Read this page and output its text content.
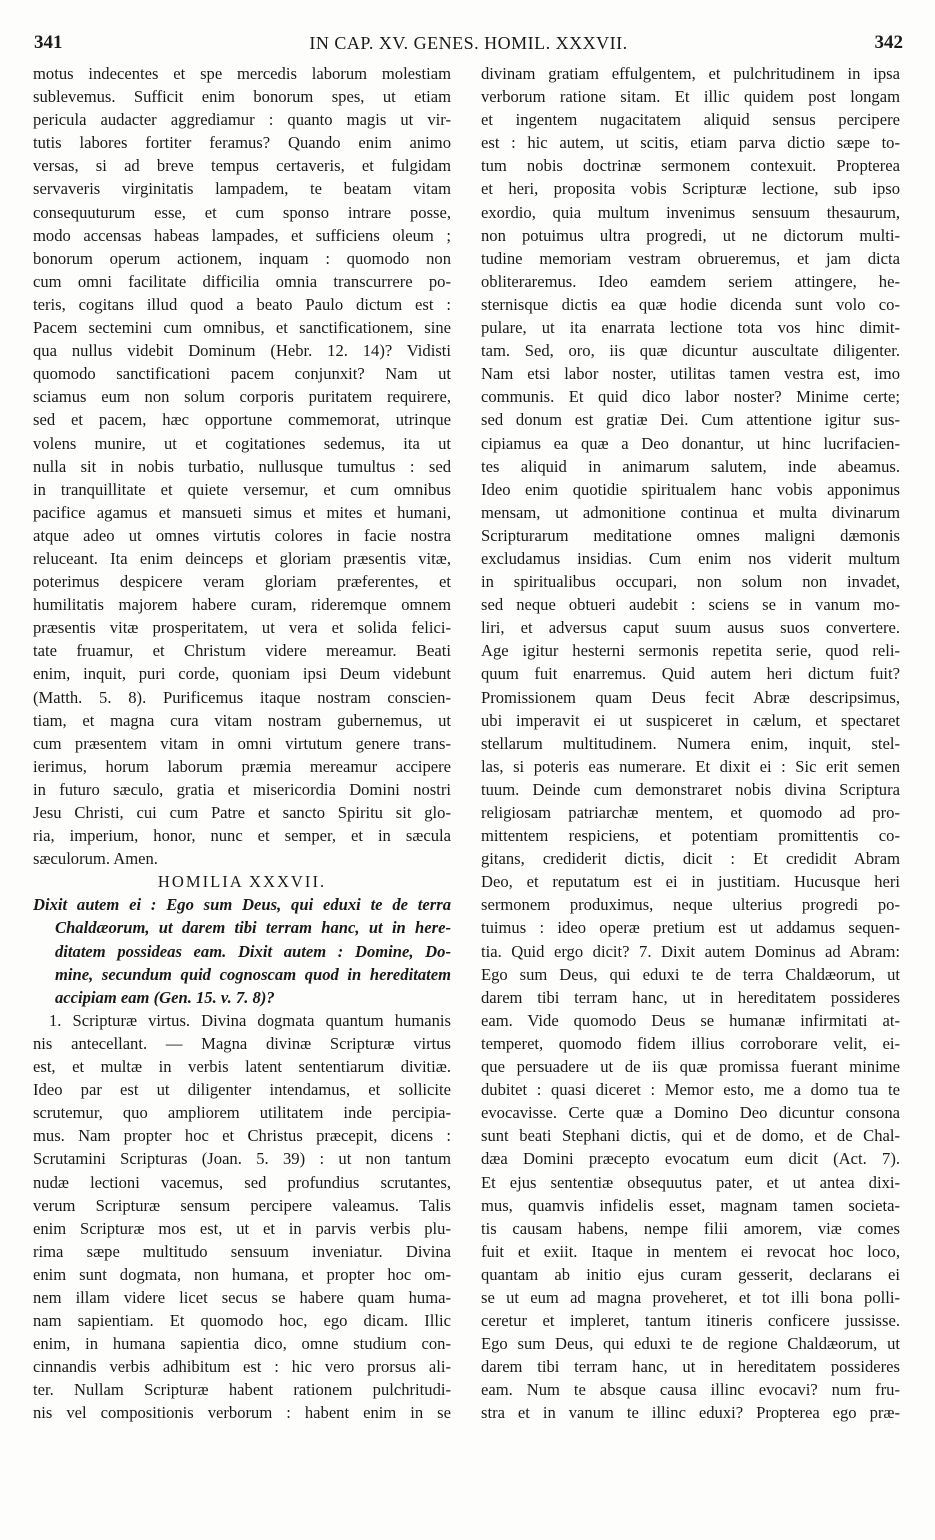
341	IN CAP. XV. GENES. HOMIL. XXXVII.	342
motus indecentes et spe mercedis laborum molestiam
sublevemus. Sufficit enim bonorum spes, ut etiam
pericula audacter aggrediamur : quanto magis ut vir-
tutis labores fortiter feramus? Quando enim animo
versas, si ad breve tempus certaveris, et fulgidam
servaveris virginitatis lampadem, te beatam vitam
consequuturum esse, et cum sponso intrare posse,
modo accensas habeas lampades, et sufficiens oleum ;
bonorum operum actionem, inquam : quomodo non
cum omni facilitate difficilia omnia transcurrere po-
teris, cogitans illud quod a beato Paulo dictum est :
Pacem sectemini cum omnibus, et sanctificationem, sine
qua nullus videbit Dominum (Hebr. 12. 14)? Vidisti
quomodo sanctificationi pacem conjunxit? Nam ut
sciamus eum non solum corporis puritatem requirere,
sed et pacem, hæc opportune commemorat, utrinque
volens munire, ut et cogitationes sedemus, ita ut
nulla sit in nobis turbatio, nullusque tumultus : sed
in tranquillitate et quiete versemur, et cum omnibus
pacifice agamus et mansueti simus et mites et humani,
atque adeo ut omnes virtutis colores in facie nostra
reluceant. Ita enim deinceps et gloriam præsentis vitæ,
poterimus despicere veram gloriam præferentes, et
humilitatis majorem habere curam, rideremque omnem
præsentis vitæ prosperitatem, ut vera et solida felici-
tate fruamur, et Christum videre mereamur. Beati
enim, inquit, puri corde, quoniam ipsi Deum videbunt
(Matth. 5. 8). Purificemus itaque nostram conscien-
tiam, et magna cura vitam nostram gubernemus, ut
cum præsentem vitam in omni virtutum genere trans-
ierimus, horum laborum præmia mereamur accipere
in futuro sæculo, gratia et misericordia Domini nostri
Jesu Christi, cui cum Patre et sancto Spiritu sit glo-
ria, imperium, honor, nunc et semper, et in sæcula
sæculorum. Amen.
HOMILIA XXXVII.
Dixit autem ei : Ego sum Deus, qui eduxi te de terra
Chaldæorum, ut darem tibi terram hanc, ut in here-
ditatem possideas eam. Dixit autem : Domine, Do-
mine, secundum quid cognoscam quod in hereditatem
accipiam eam (Gen. 15. v. 7. 8)?
1. Scripturæ virtus. Divina dogmata quantum humanis
nis antecellant. — Magna divinæ Scripturæ virtus
est, et multæ in verbis latent sententiarum divitiæ.
Ideo par est ut diligenter intendamus, et sollicite
scrutemur, quo ampliorem utilitatem inde percipia-
mus. Nam propter hoc et Christus præcepit, dicens :
Scrutamini Scripturas (Joan. 5. 39) : ut non tantum
nudæ lectioni vacemus, sed profundius scrutantes,
verum Scripturæ sensum percipere valeamus. Talis
enim Scripturæ mos est, ut et in parvis verbis plu-
rima sæpe multitudo sensuum inveniatur. Divina
enim sunt dogmata, non humana, et propter hoc om-
nem illam videre licet secus se habere quam huma-
nam sapientiam. Et quomodo hoc, ego dicam. Illic
enim, in humana sapientia dico, omne studium con-
cinnandis verbis adhibitum est : hic vero prorsus ali-
ter. Nullam Scripturæ habent rationem pulchritudi-
nis vel compositionis verborum : habent enim in se
divinam gratiam effulgentem, et pulchritudinem in ipsa
verborum ratione sitam. Et illic quidem post longam
et ingentem nugacitatem aliquid sensus percipere
est : hic autem, ut scitis, etiam parva dictio sæpe to-
tum nobis doctrinæ sermonem contexuit. Propterea
et heri, proposita vobis Scripturæ lectione, sub ipso
exordio, quia multum invenimus sensuum thesaurum,
non potuimus ultra progredi, ut ne dictorum multi-
tudine memoriam vestram obrueremus, et jam dicta
obliteraremus. Ideo eamdem seriem attingere, he-
sternisque dictis ea quæ hodie dicenda sunt volo co-
pulare, ut ita enarrata lectione tota vos hinc dimit-
tam. Sed, oro, iis quæ dicuntur auscultate diligenter.
Nam etsi labor noster, utilitas tamen vestra est, imo
communis. Et quid dico labor noster? Minime certe;
sed donum est gratiæ Dei. Cum attentione igitur sus-
cipiamus ea quæ a Deo donantur, ut hinc lucrifacien-
tes aliquid in animarum salutem, inde abeamus.
Ideo enim quotidie spiritualem hanc vobis apponimus
mensam, ut admonitione continua et multa divinarum
Scripturarum meditatione omnes maligni dæmonis
excludamus insidias. Cum enim nos viderit multum
in spiritualibus occupari, non solum non invadet,
sed neque obtueri audebit : sciens se in vanum mo-
liri, et adversus caput suum ausus suos convertere.
Age igitur hesterni sermonis repetita serie, quod reli-
quum fuit enarremus. Quid autem heri dictum fuit?
Promissionem quam Deus fecit Abræ descripsimus,
ubi imperavit ei ut suspiceret in cælum, et spectaret
stellarum multitudinem. Numera enim, inquit, stel-
las, si poteris eas numerare. Et dixit ei : Sic erit semen
tuum. Deinde cum demonstraret nobis divina Scriptura
religiosam patriarchæ mentem, et quomodo ad pro-
mittentem respiciens, et potentiam promittentis co-
gitans, crediderit dictis, dicit : Et credidit Abram
Deo, et reputatum est ei in justitiam. Hucusque heri
sermonem produximus, neque ulterius progredi po-
tuimus : ideo operæ pretium est ut addamus sequen-
tia. Quid ergo dicit? 7. Dixit autem Dominus ad Abram:
Ego sum Deus, qui eduxi te de terra Chaldæorum, ut
darem tibi terram hanc, ut in hereditatem possideres
eam. Vide quomodo Deus se humanæ infirmitati at-
temperet, quomodo fidem illius corroborare velit, ei-
que persuadere ut de iis quæ promissa fuerant minime
dubitet : quasi diceret : Memor esto, me a domo tua te
evocavisse. Certe quæ a Domino Deo dicuntur consona
sunt beati Stephani dictis, qui et de domo, et de Chal-
dæa Domini præcepto evocatum eum dicit (Act. 7).
Et ejus sententiæ obsequutus pater, et ut antea dixi-
mus, quamvis infidelis esset, magnam tamen societa-
tis causam habens, nempe filii amorem, viæ comes
fuit et exiit. Itaque in mentem ei revocat hoc loco,
quantam ab initio ejus curam gesserit, declarans ei
se ut eum ad magna proveheret, et tot illi bona polli-
ceretur et impleret, tantum itineris conficere jussisse.
Ego sum Deus, qui eduxi te de regione Chaldæorum, ut
darem tibi terram hanc, ut in hereditatem possideres
eam. Num te absque causa illinc evocavi? num fru-
stra et in vanum te illinc eduxi? Propterea ego præ-
